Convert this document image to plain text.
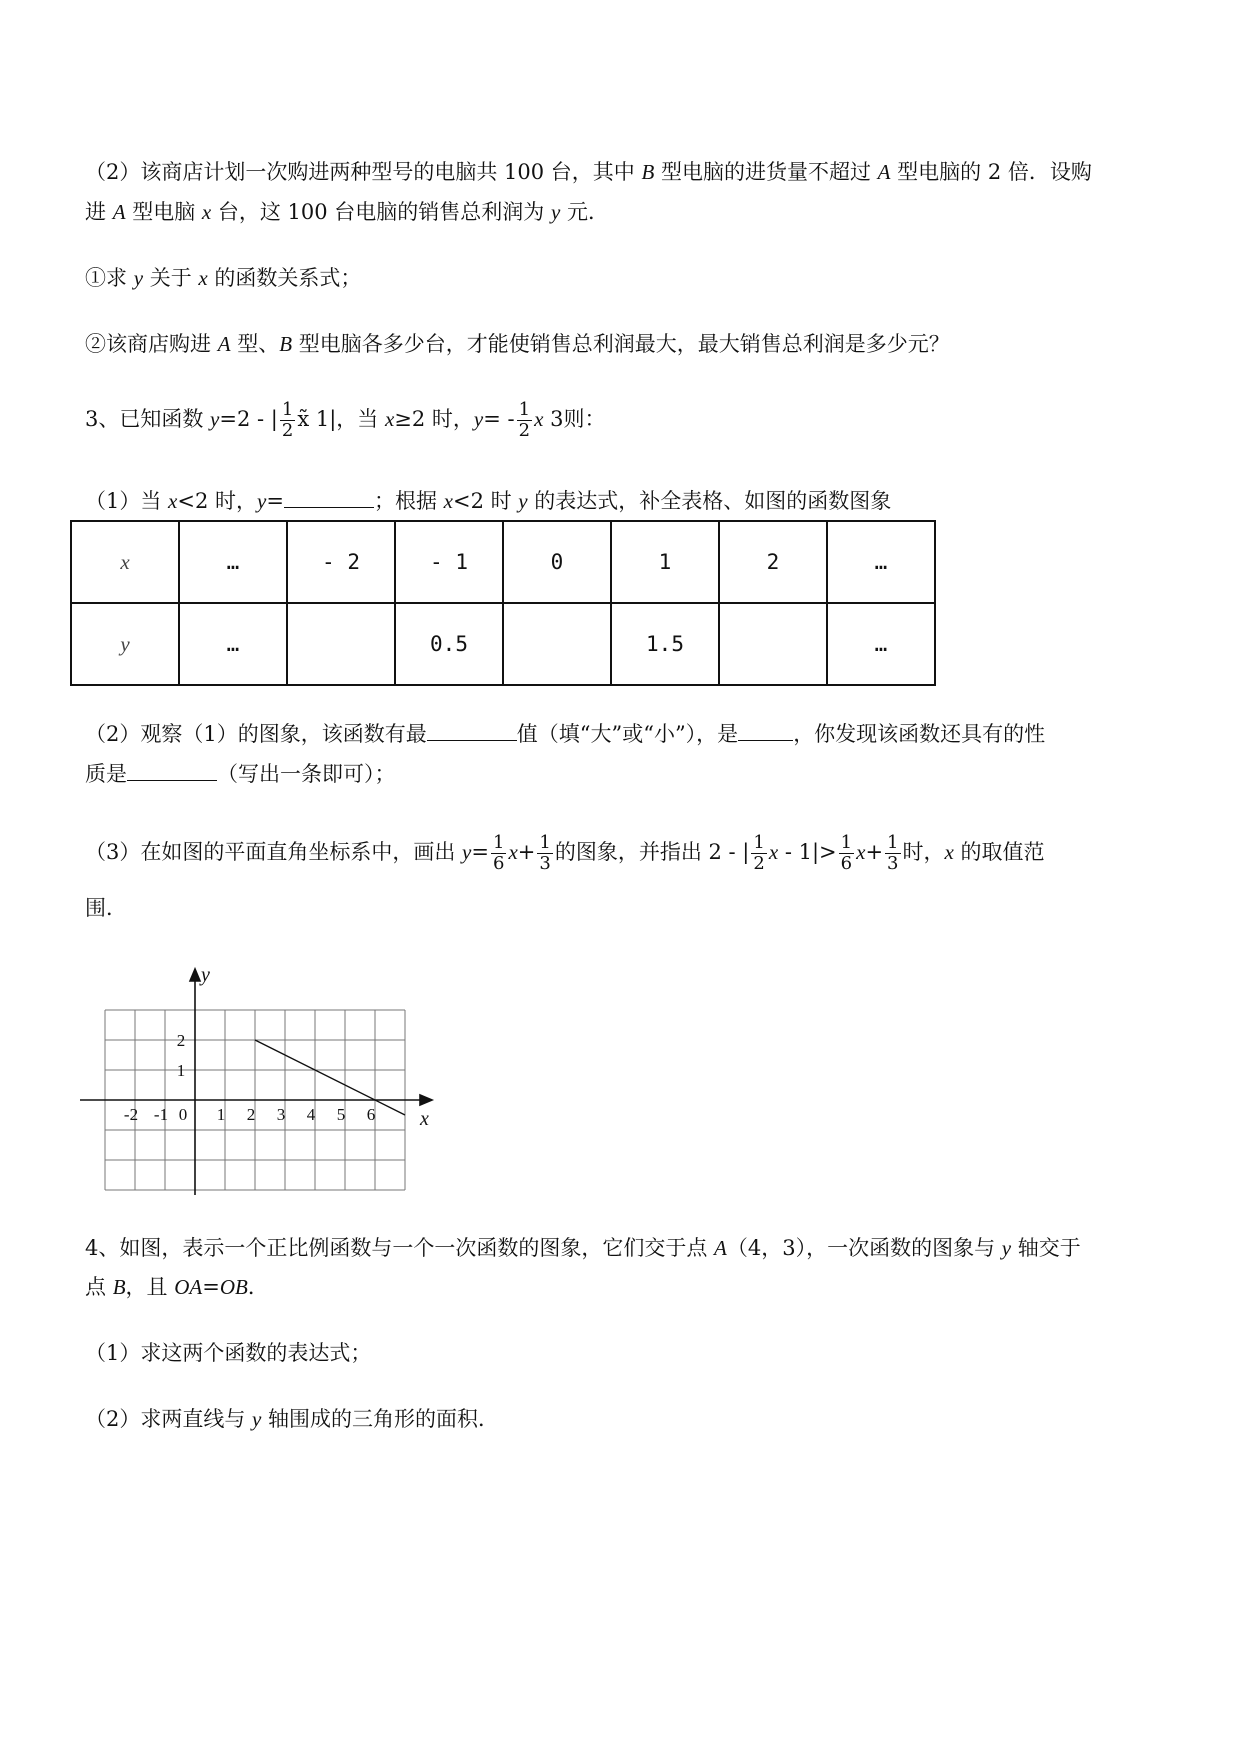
（2）该商店计划一次购进两种型号的电脑共 100 台，其中 B 型电脑的进货量不超过 A 型电脑的 2 倍．设购
进 A 型电脑 x 台，这 100 台电脑的销售总利润为 y 元．
①求 y 关于 x 的函数关系式；
②该商店购进 A 型、B 型电脑各多少台，才能使销售总利润最大，最大销售总利润是多少元？
3、已知函数 y=2 - | $\frac{1}{2}$ x̃ 1|，当 x≥2 时，$y= - \frac{1}{2}$ x 3则：
（1）当 x<2 时，y=	；根据 x<2 时 y 的表达式，补全表格、如图的函数图象
x	…	- 2	- 1	0	1	2	…
y	…		0.5		1.5		…
（2）观察（1）的图象，该函数有最	值（填“大”或“小”），是	，你发现该函数还具有的性
质是	（写出一条即可）；
（3）在如图的平面直角坐标系中，画出 $y= \frac{1}{6} x+ \frac{1}{3}$ 的图象，并指出 2 - | $\frac{1}{2}$ $x - 1|> \frac{1}{6} x+ \frac{1}{3}$ 时，x 的取值范
围．
y
x
-2 -1 0 1 2 3 4 5 6
2
1
4、如图，表示一个正比例函数与一个一次函数的图象，它们交于点 A（4，3），一次函数的图象与 y 轴交于
点 B，且 OA=OB．
（1）求这两个函数的表达式；
（2）求两直线与 y 轴围成的三角形的面积．
